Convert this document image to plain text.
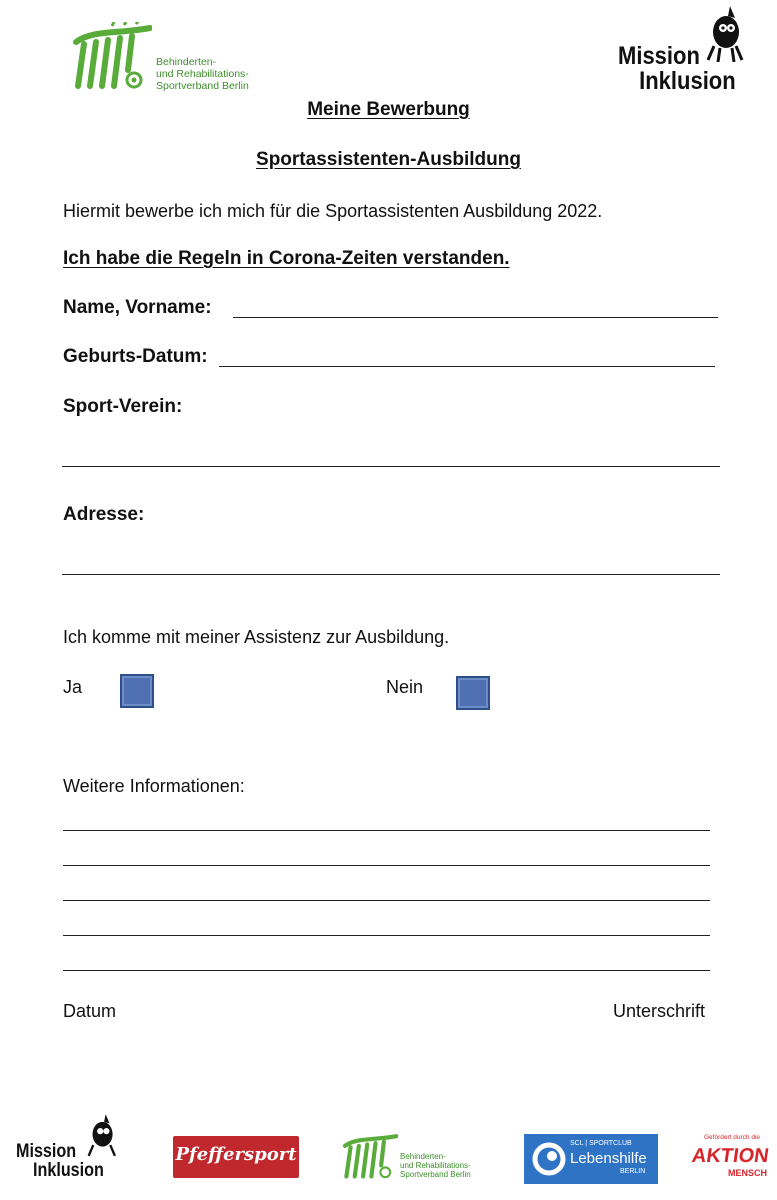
Behinderten-
und Rehabilitations-
Sportverband Berlin
Mission
Inklusion
Meine Bewerbung
Sportassistenten-Ausbildung
Hiermit bewerbe ich mich für die Sportassistenten Ausbildung 2022.
Ich habe die Regeln in Corona-Zeiten verstanden.
Name, Vorname:
Geburts-Datum:
Sport-Verein:
Adresse:
Ich komme mit meiner Assistenz zur Ausbildung.
Ja	Nein
Weitere Informationen:
Datum	Unterschrift
Mission
Inklusion
Pfeffersport	Behinderten-
und Rehabilitations-
Sportverband Berlin
SCL | SPORTCLUB
Lebenshilfe
BERLIN
Gefördert durch die
AKTION
MENSCH
